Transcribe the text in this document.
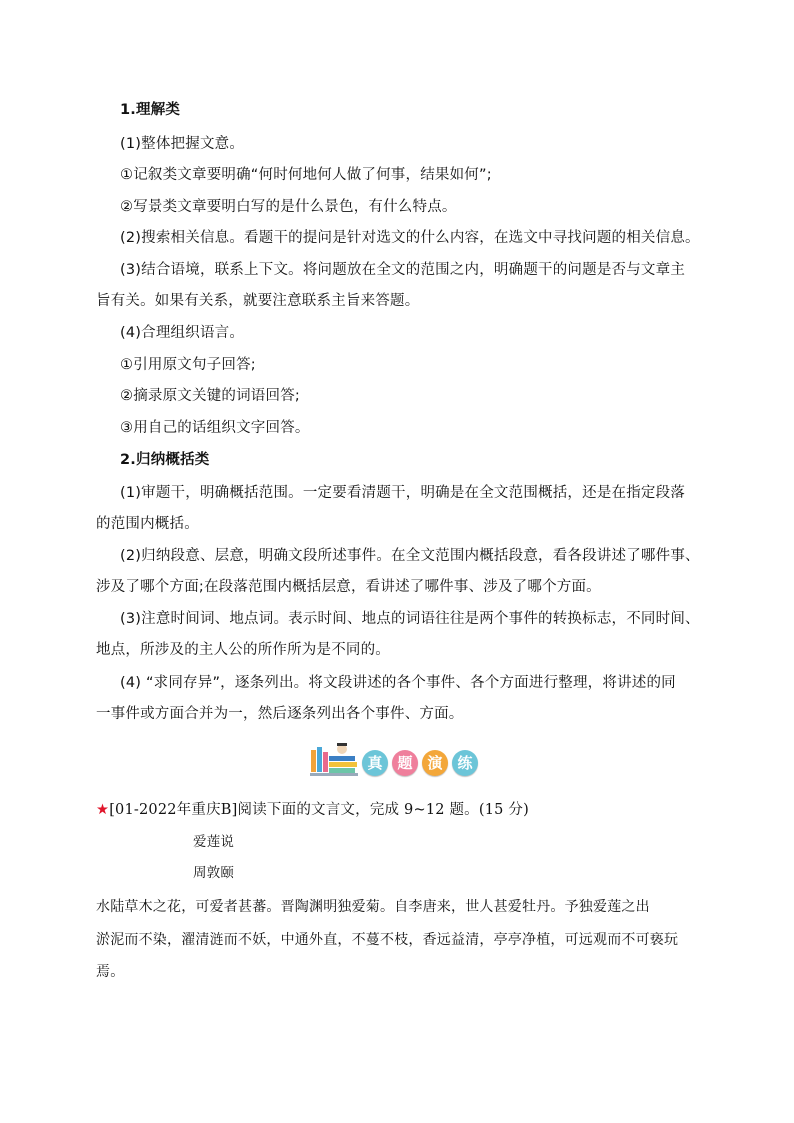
1.理解类
(1)整体把握文意。
①记叙类文章要明确“何时何地何人做了何事，结果如何”;
②写景类文章要明白写的是什么景色，有什么特点。
(2)搜索相关信息。看题干的提问是针对选文的什么内容，在选文中寻找问题的相关信息。
(3)结合语境，联系上下文。将问题放在全文的范围之内，明确题干的问题是否与文章主
旨有关。如果有关系，就要注意联系主旨来答题。
(4)合理组织语言。
①引用原文句子回答;
②摘录原文关键的词语回答;
③用自己的话组织文字回答。
2.归纳概括类
(1)审题干，明确概括范围。一定要看清题干，明确是在全文范围概括，还是在指定段落
的范围内概括。
(2)归纳段意、层意，明确文段所述事件。在全文范围内概括段意，看各段讲述了哪件事、
涉及了哪个方面;在段落范围内概括层意，看讲述了哪件事、涉及了哪个方面。
(3)注意时间词、地点词。表示时间、地点的词语往往是两个事件的转换标志，不同时间、
地点，所涉及的主人公的所作所为是不同的。
(4) “求同存异”，逐条列出。将文段讲述的各个事件、各个方面进行整理，将讲述的同
一事件或方面合并为一，然后逐条列出各个事件、方面。
真 题 演 练
★[01-2022年重庆B]阅读下面的文言文，完成 9~12 题。(15 分)
爱莲说
周敦颐
水陆草木之花，可爱者甚蕃。晋陶渊明独爱菊。自李唐来，世人甚爱牡丹。予独爱莲之出
淤泥而不染，濯清涟而不妖，中通外直，不蔓不枝，香远益清，亭亭净植，可远观而不可亵玩
焉。
